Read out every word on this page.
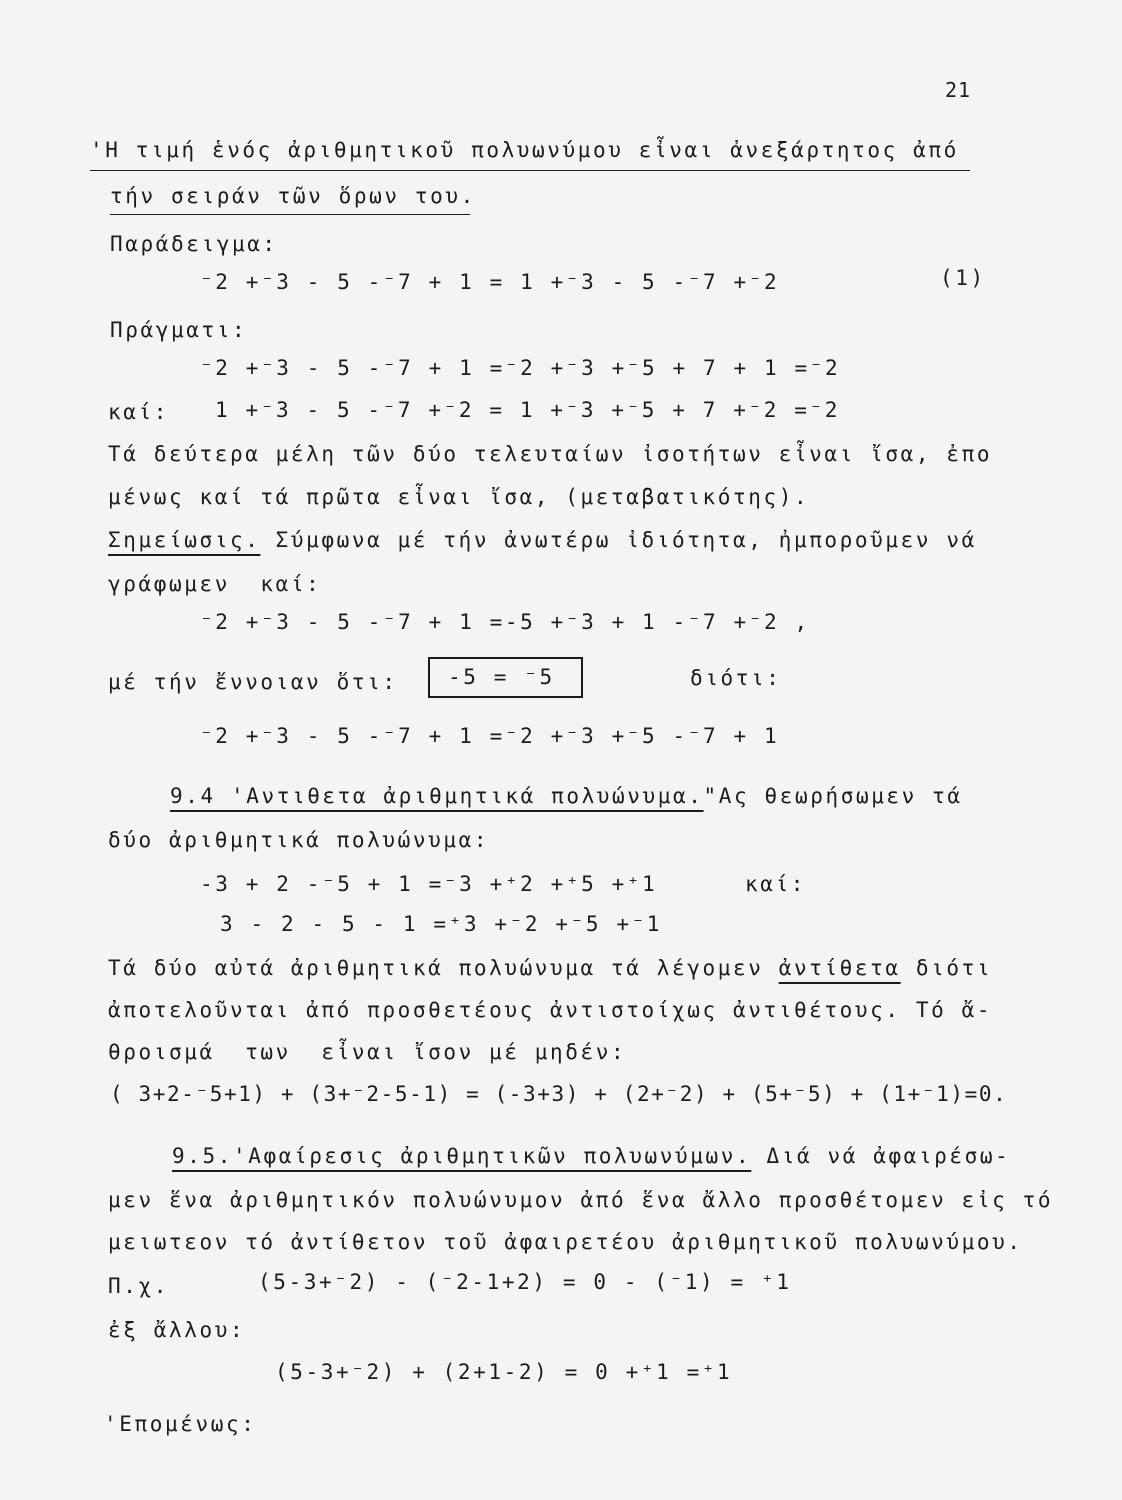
21
'Η τιμή ἑνός ἀριθμητικοῦ πολυωνύμου εἶναι ἀνεξάρτητος ἀπό
τήν σειράν τῶν ὅρων του.
Παράδειγμα:
⁻2 +⁻3 - 5 -⁻7 + 1 = 1 +⁻3 - 5 -⁻7 +⁻2	(1)
Πράγματι:
⁻2 +⁻3 - 5 -⁻7 + 1 =⁻2 +⁻3 +⁻5 + 7 + 1 =⁻2
καί: 1 +⁻3 - 5 -⁻7 +⁻2 = 1 +⁻3 +⁻5 + 7 +⁻2 =⁻2
Τά δεύτερα μέλη τῶν δύο τελευταίων ἰσοτήτων εἶναι ἴσα, ἐπο
μένως καί τά πρῶτα εἶναι ἴσα, (μεταβατικότης).
Σημείωσις. Σύμφωνα μέ τήν ἀνωτέρω ἰδιότητα, ἠμποροῦμεν νά
γράφωμεν  καί:
⁻2 +⁻3 - 5 -⁻7 + 1 =-5 +⁻3 + 1 -⁻7 +⁻2 ,
μέ τήν ἔννοιαν ὅτι:	-5 = ⁻5	διότι:
⁻2 +⁻3 - 5 -⁻7 + 1 =⁻2 +⁻3 +⁻5 -⁻7 + 1
9.4 'Αντιθετα ἀριθμητικά πολυώνυμα."Ας θεωρήσωμεν τά
δύο ἀριθμητικά πολυώνυμα:
-3 + 2 -⁻5 + 1 =⁻3 +⁺2 +⁺5 +⁺1	καί:
3 - 2 - 5 - 1 =⁺3 +⁻2 +⁻5 +⁻1
Τά δύο αὐτά ἀριθμητικά πολυώνυμα τά λέγομεν ἀντίθετα διότι
ἀποτελοῦνται ἀπό προσθετέους ἀντιστοίχως ἀντιθέτους. Τό ἄ-
θροισμά  των  εἶναι ἴσον μέ μηδέν:
( 3+2-⁻5+1) + (3+⁻2-5-1) = (-3+3) + (2+⁻2) + (5+⁻5) + (1+⁻1)=0.
9.5.'Αφαίρεσις ἀριθμητικῶν πολυωνύμων. Διά νά ἀφαιρέσω-
μεν ἕνα ἀριθμητικόν πολυώνυμον ἀπό ἕνα ἄλλο προσθέτομεν εἰς τό
μειωτεον τό ἀντίθετον τοῦ ἀφαιρετέου ἀριθμητικοῦ πολυωνύμου.
Π.χ.	(5-3+⁻2) - (⁻2-1+2) = 0 - (⁻1) = ⁺1
ἐξ ἄλλου:
(5-3+⁻2) + (2+1-2) = 0 +⁺1 =⁺1
'Επομένως:
